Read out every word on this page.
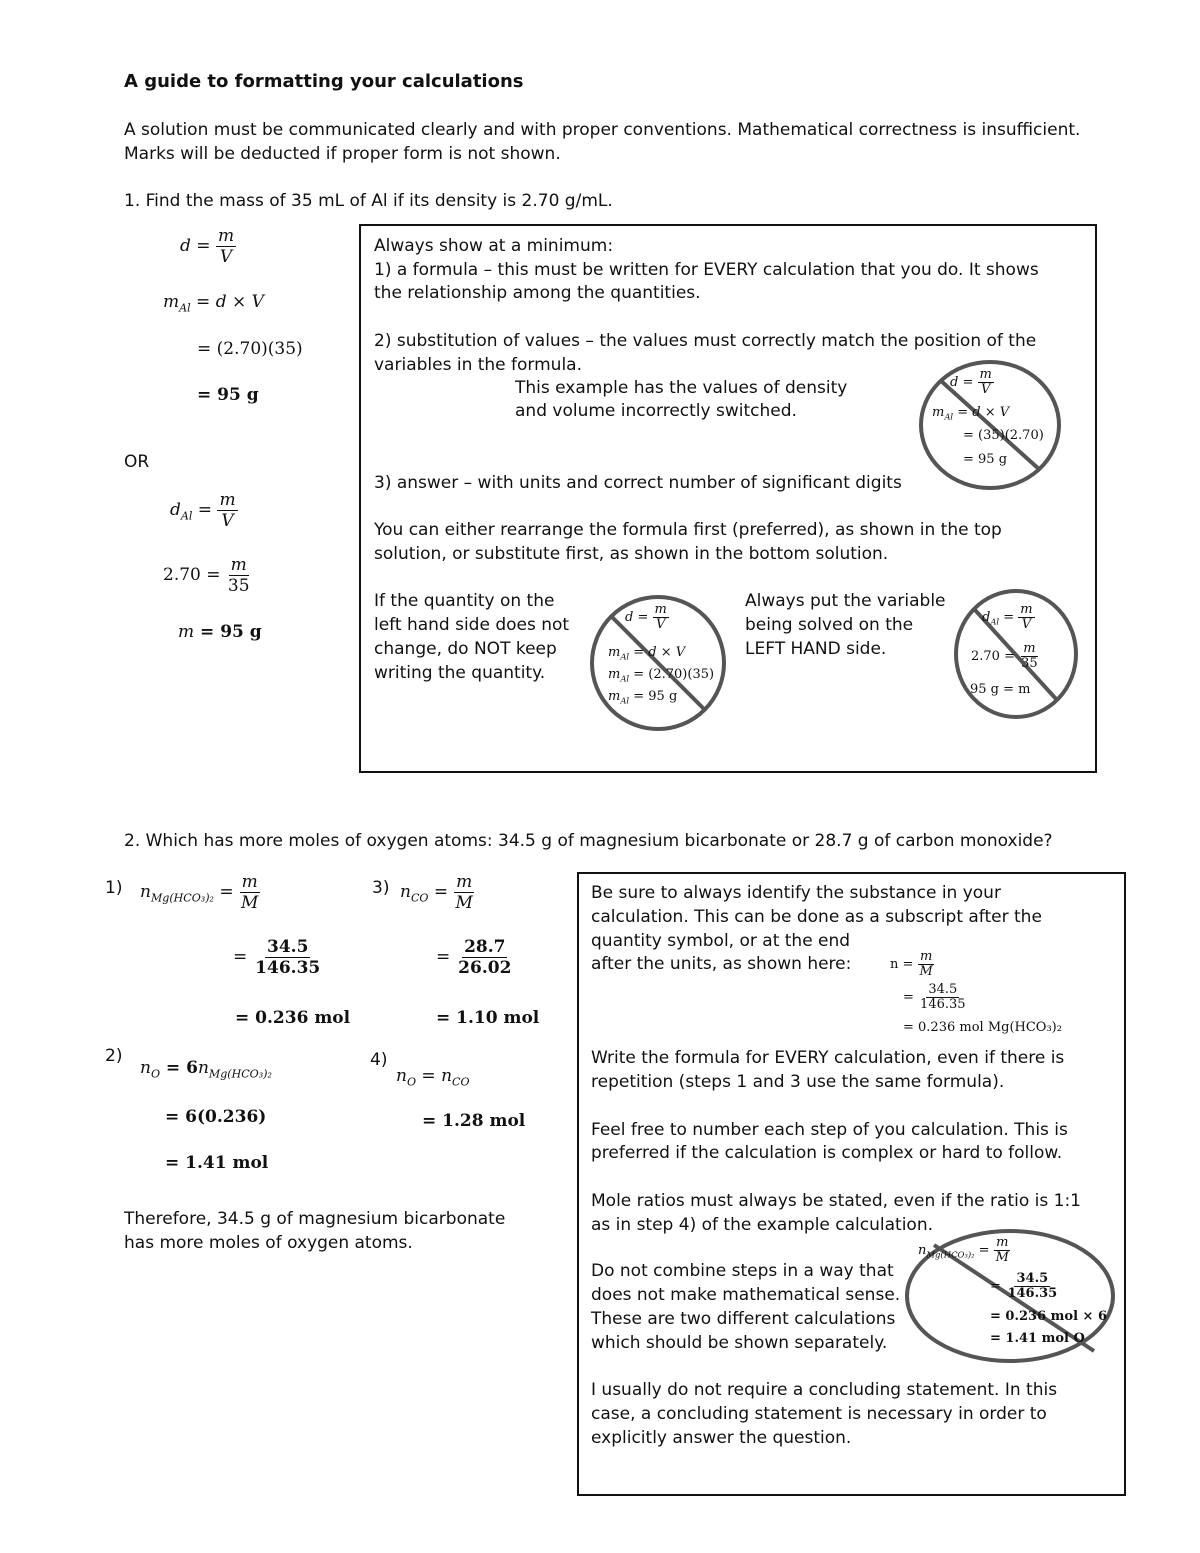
A guide to formatting your calculations
A solution must be communicated clearly and with proper conventions. Mathematical correctness is insufficient.
Marks will be deducted if proper form is not shown.
1. Find the mass of 35 mL of Al if its density is 2.70 g/mL.
$d = \frac{m}{V}$
$m_{Al} = d \times V$
= (2.70)(35)
= 95 g
OR
$d_{Al} = \frac{m}{V}$
$2.70 = \frac{m}{35}$
m = 95 g
Always show at a minimum:
1) a formula – this must be written for EVERY calculation that you do. It shows
the relationship among the quantities.
2) substitution of values – the values must correctly match the position of the
variables in the formula.
This example has the values of density
and volume incorrectly switched.
3) answer – with units and correct number of significant digits
You can either rearrange the formula first (preferred), as shown in the top
solution, or substitute first, as shown in the bottom solution.
$d = \frac{m}{V}$
$m_{Al} = d \times V$
= (35)(2.70)
= 95 g
If the quantity on the
left hand side does not
change, do NOT keep
writing the quantity.
$d = \frac{m}{V}$
$m_{Al} = d \times V$
$m_{Al} = (2.70)(35)$
$m_{Al} = 95$ g
Always put the variable
being solved on the
LEFT HAND side.
$d_{Al} = \frac{m}{V}$
$2.70 = \frac{m}{35}$
95 g = m
2. Which has more moles of oxygen atoms: 34.5 g of magnesium bicarbonate or 28.7 g of carbon monoxide?
1) $n_{Mg(HCO_3)_2} = \frac{m}{M}$
= $\frac{34.5}{146.35}$
= 0.236 mol
3) $n_{CO} = \frac{m}{M}$
= $\frac{28.7}{26.02}$
= 1.10 mol
2)
$n_O = 6n_{Mg(HCO_3)_2}$
= 6(0.236)
= 1.41 mol
4)
$n_O = n_{CO}$
= 1.28 mol
Therefore, 34.5 g of magnesium bicarbonate
has more moles of oxygen atoms.
Be sure to always identify the substance in your
calculation. This can be done as a subscript after the
quantity symbol, or at the end
after the units, as shown here:	$n = \frac{m}{M}$
= $\frac{34.5}{146.35}$
= 0.236 mol Mg(HCO₃)₂
Write the formula for EVERY calculation, even if there is
repetition (steps 1 and 3 use the same formula).
Feel free to number each step of you calculation. This is
preferred if the calculation is complex or hard to follow.
Mole ratios must always be stated, even if the ratio is 1:1
as in step 4) of the example calculation.
Do not combine steps in a way that
does not make mathematical sense.
These are two different calculations
which should be shown separately.
$n_{Mg(HCO_3)_2} = \frac{m}{M}$
= $\frac{34.5}{146.35}$
= 0.236 mol × 6
= 1.41 mol O
I usually do not require a concluding statement. In this
case, a concluding statement is necessary in order to
explicitly answer the question.
